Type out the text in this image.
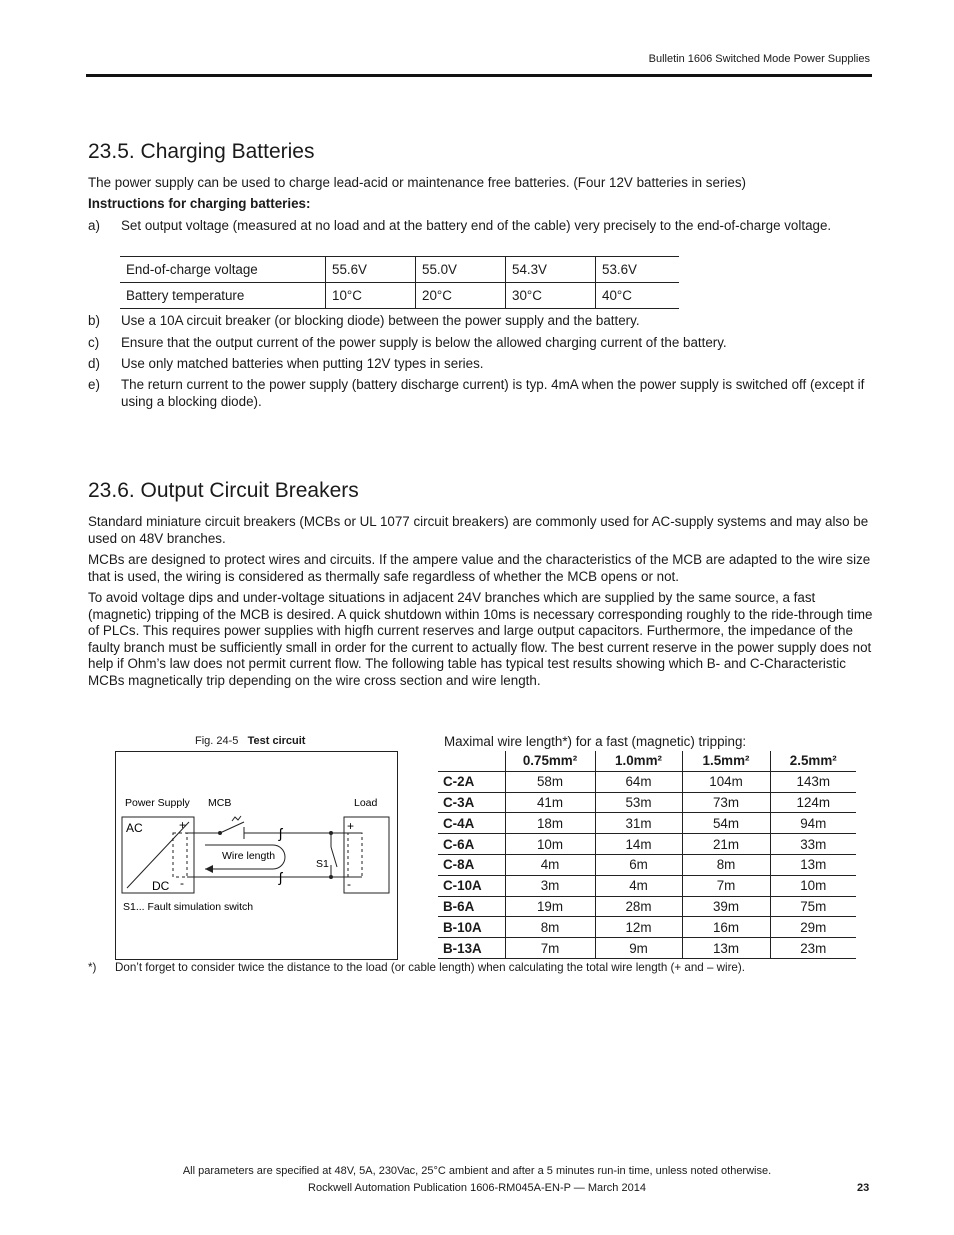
Bulletin 1606 Switched Mode Power Supplies
23.5. Charging Batteries
The power supply can be used to charge lead-acid or maintenance free batteries. (Four 12V batteries in series)
Instructions for charging batteries:
a) Set output voltage (measured at no load and at the battery end of the cable) very precisely to the end-of-charge voltage.
End-of-charge voltage	55.6V	55.0V	54.3V	53.6V
Battery temperature	10°C	20°C	30°C	40°C
b)	Use a 10A circuit breaker (or blocking diode) between the power supply and the battery.
c)	Ensure that the output current of the power supply is below the allowed charging current of the battery.
d)	Use only matched batteries when putting 12V types in series.
e)	The return current to the power supply (battery discharge current) is typ. 4mA when the power supply is switched off (except if using a blocking diode).
23.6. Output Circuit Breakers
Standard miniature circuit breakers (MCBs or UL 1077 circuit breakers) are commonly used for AC-supply systems and may also be used on 48V branches.
MCBs are designed to protect wires and circuits. If the ampere value and the characteristics of the MCB are adapted to the wire size that is used, the wiring is considered as thermally safe regardless of whether the MCB opens or not.
To avoid voltage dips and under-voltage situations in adjacent 24V branches which are supplied by the same source, a fast (magnetic) tripping of the MCB is desired. A quick shutdown within 10ms is necessary corresponding roughly to the ride-through time of PLCs. This requires power supplies with higfh current reserves and large output capacitors. Furthermore, the impedance of the faulty branch must be sufficiently small in order for the current to actually flow. The best current reserve in the power supply does not help if Ohm’s law does not permit current flow. The following table has typical test results showing which B- and C-Characteristic MCBs magnetically trip depending on the wire cross section and wire length.
Fig. 24-5 Test circuit
Power Supply MCB	Load
AC
DC
+
-
+
-
ʃ
ʃ
S1
Wire length
S1... Fault simulation switch
Maximal wire length*) for a fast (magnetic) tripping:
	0.75mm²	1.0mm²	1.5mm²	2.5mm²
C-2A	58m	64m	104m	143m
C-3A	41m	53m	73m	124m
C-4A	18m	31m	54m	94m
C-6A	10m	14m	21m	33m
C-8A	4m	6m	8m	13m
C-10A	3m	4m	7m	10m
B-6A	19m	28m	39m	75m
B-10A	8m	12m	16m	29m
B-13A	7m	9m	13m	23m
*) Don’t forget to consider twice the distance to the load (or cable length) when calculating the total wire length (+ and – wire).
All parameters are specified at 48V, 5A, 230Vac, 25°C ambient and after a 5 minutes run-in time, unless noted otherwise.
Rockwell Automation Publication 1606-RM045A-EN-P — March 2014	23
